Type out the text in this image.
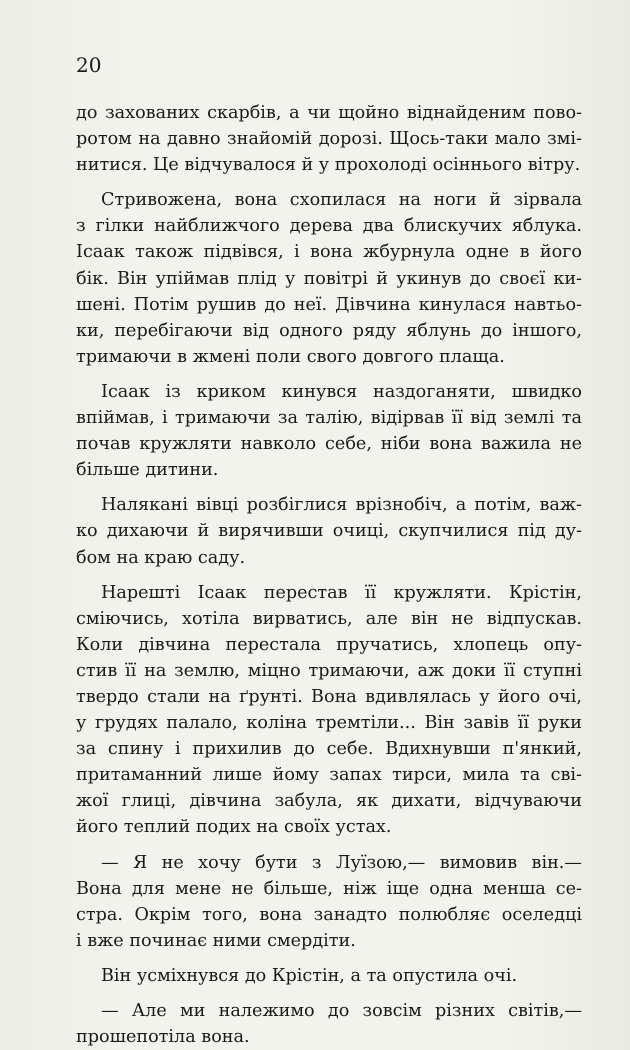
20

до захованих скарбів, а чи щойно віднайденим пово-
ротом на давно знайомій дорозі. Щось-таки мало змі-
нитися. Це відчувалося й у прохолоді осіннього вітру.
Стривожена, вона схопилася на ноги й зірвала
з гілки найближчого дерева два блискучих яблука.
Ісаак також підвівся, і вона жбурнула одне в його
бік. Він упіймав плід у повітрі й укинув до своєї ки-
шені. Потім рушив до неї. Дівчина кинулася навтьо-
ки, перебігаючи від одного ряду яблунь до іншого,
тримаючи в жмені поли свого довгого плаща.
Ісаак із криком кинувся наздоганяти, швидко
впіймав, і тримаючи за талію, відірвав її від землі та
почав кружляти навколо себе, ніби вона важила не
більше дитини.
Налякані вівці розбіглися врізнобіч, а потім, важ-
ко дихаючи й вирячивши очиці, скупчилися під ду-
бом на краю саду.
Нарешті Ісаак перестав її кружляти. Крістін,
сміючись, хотіла вирватись, але він не відпускав.
Коли дівчина перестала пручатись, хлопець опу-
стив її на землю, міцно тримаючи, аж доки її ступні
твердо стали на ґрунті. Вона вдивлялась у його очі,
у грудях палало, коліна тремтіли... Він завів її руки
за спину і прихилив до себе. Вдихнувши п'янкий,
притаманний лише йому запах тирси, мила та сві-
жої глиці, дівчина забула, як дихати, відчуваючи
його теплий подих на своїх устах.
— Я не хочу бути з Луїзою,— вимовив він.—
Вона для мене не більше, ніж іще одна менша се-
стра. Окрім того, вона занадто полюбляє оселедці
і вже починає ними смердіти.
Він усміхнувся до Крістін, а та опустила очі.
— Але ми належимо до зовсім різних світів,—
прошепотіла вона.
